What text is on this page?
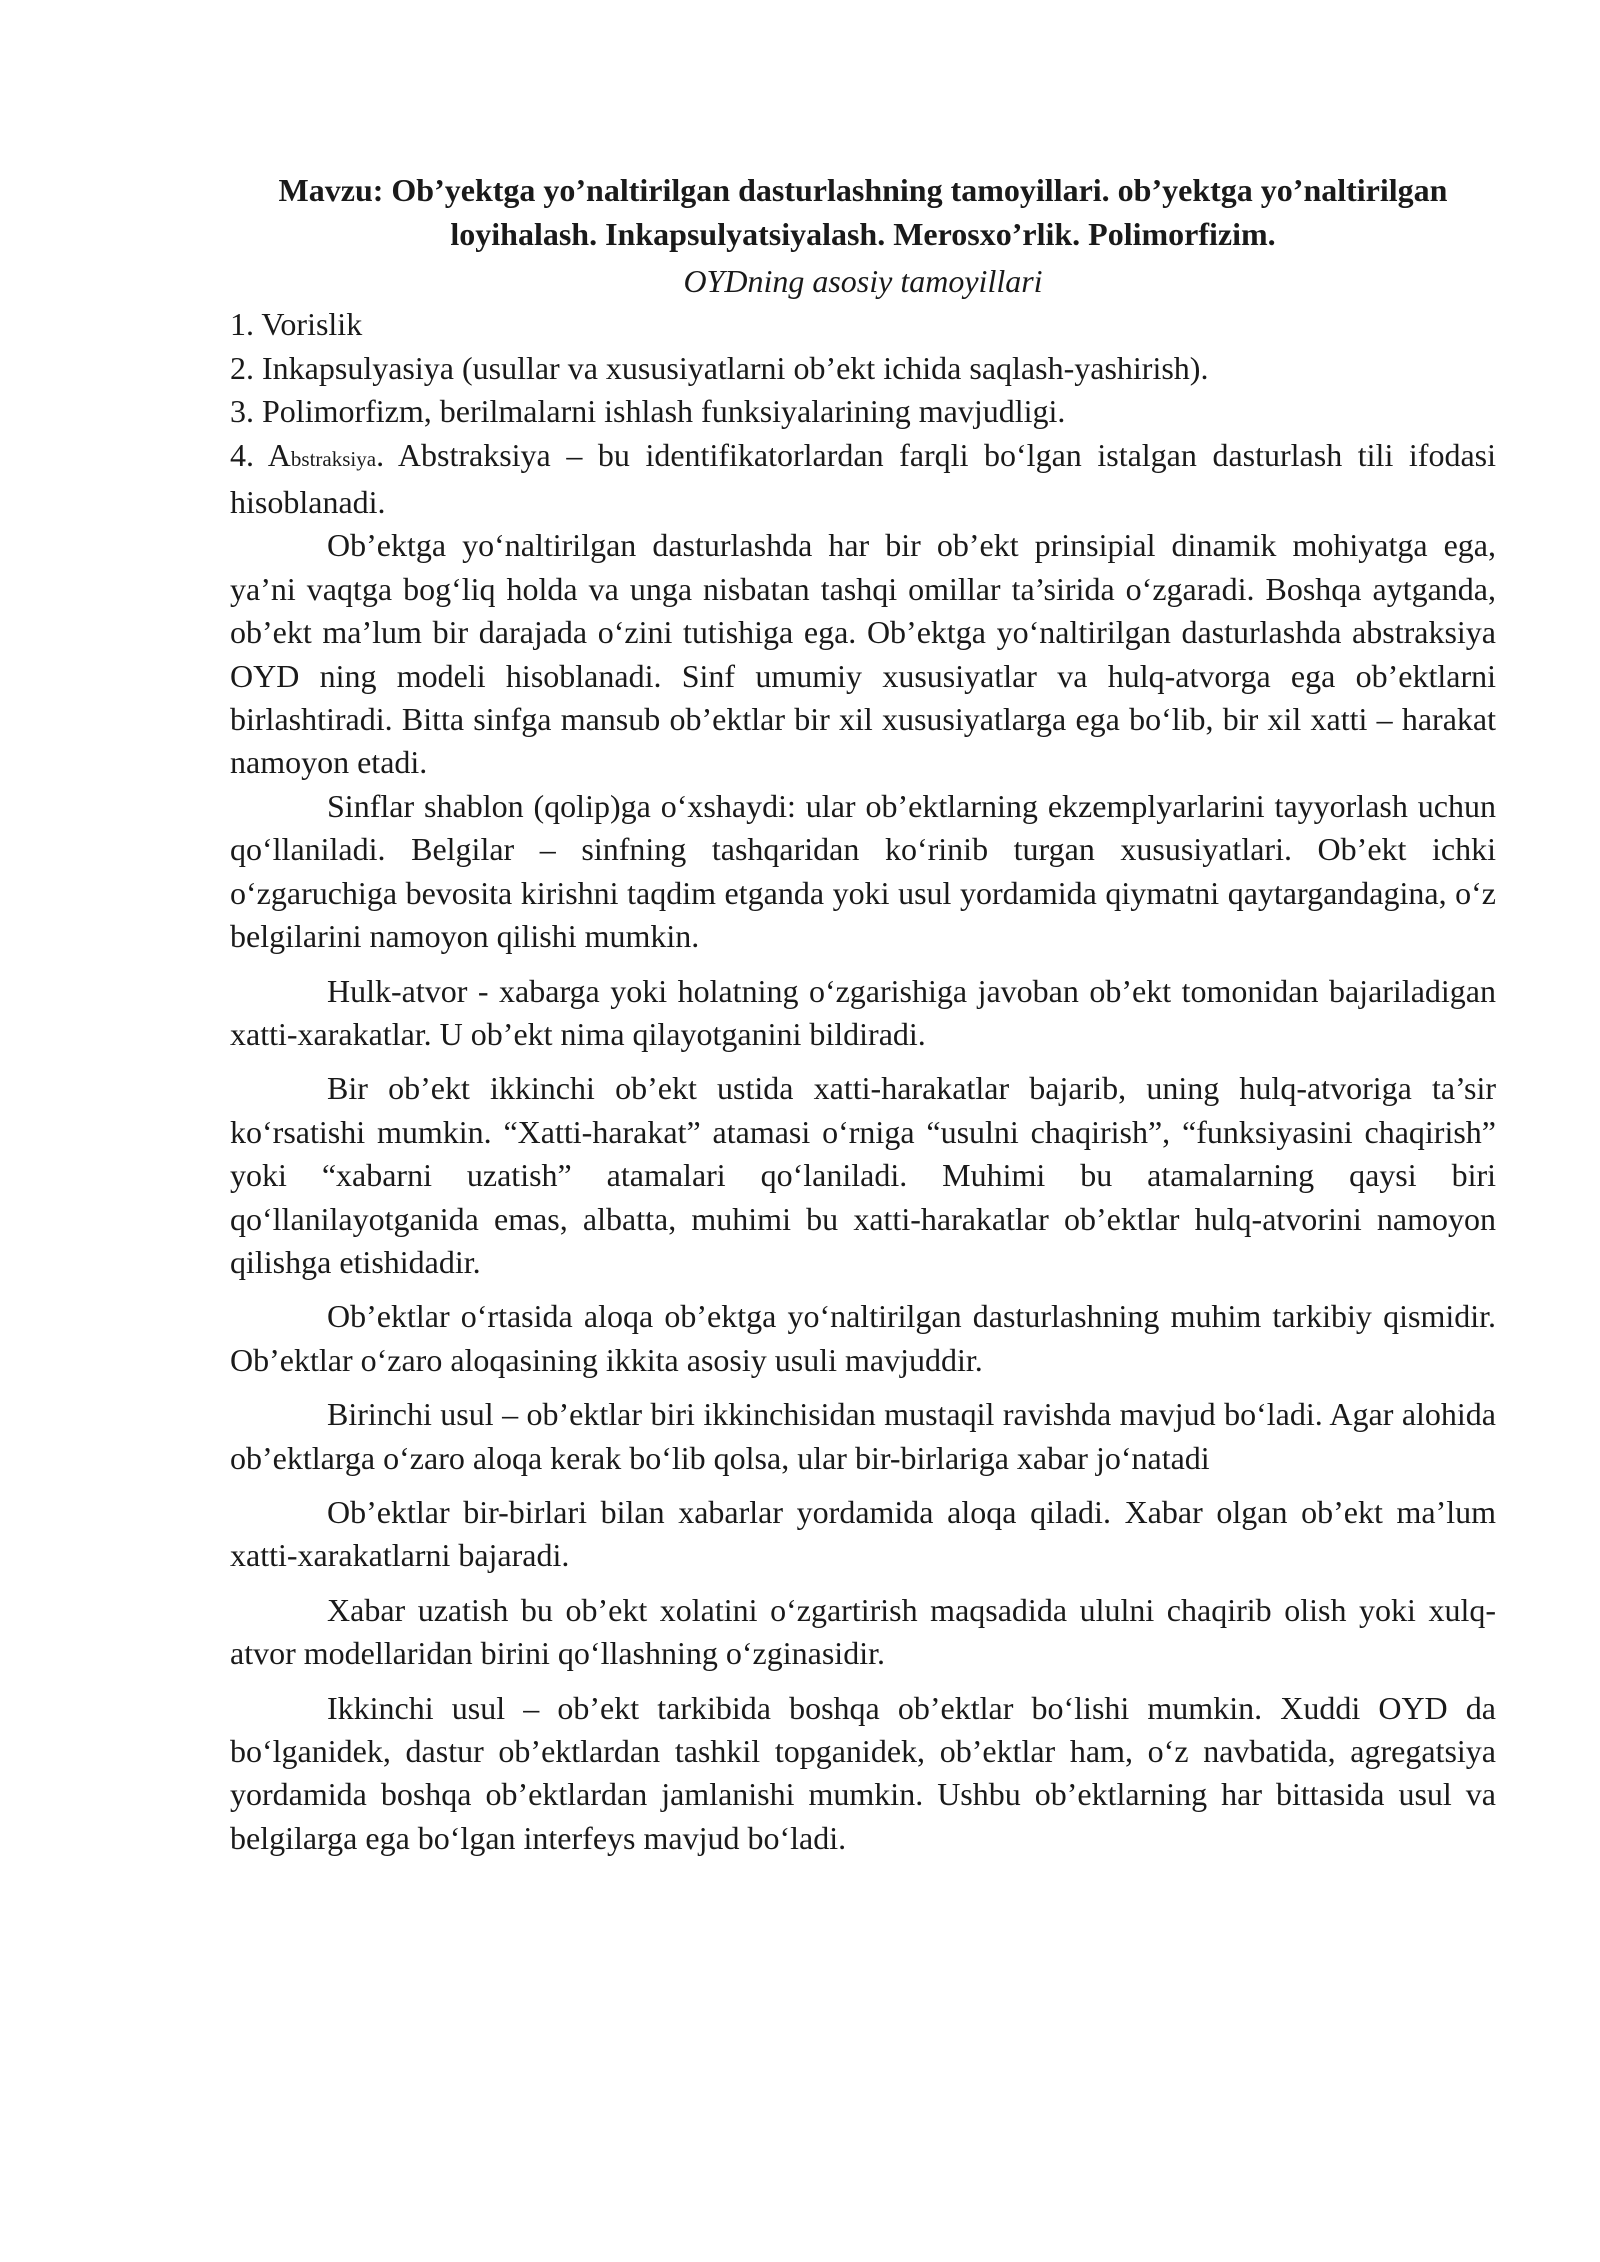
Mavzu: Ob’yektga yo’naltirilgan dasturlashning tamoyillari. ob’yektga yo’naltirilgan loyihalash. Inkapsulyatsiyalash. Merosxo’rlik. Polimorfizim.
OYDning asosiy tamoyillari
1. Vorislik
2. Inkapsulyasiya (usullar va xususiyatlarni ob’ekt ichida saqlash-yashirish).
3. Polimorfizm, berilmalarni ishlash funksiyalarining mavjudligi.
4. Abstraksiya. Abstraksiya – bu identifikatorlardan farqli bo‘lgan istalgan dasturlash tili ifodasi hisoblanadi.

Ob’ektga yo‘naltirilgan dasturlashda har bir ob’ekt prinsipial dinamik mohiyatga ega, ya’ni vaqtga bog‘liq holda va unga nisbatan tashqi omillar ta’sirida o‘zgaradi. Boshqa aytganda, ob’ekt ma’lum bir darajada o‘zini tutishiga ega. Ob’ektga yo‘naltirilgan dasturlashda abstraksiya OYD ning modeli hisoblanadi. Sinf umumiy xususiyatlar va hulq-atvorga ega ob’ektlarni birlashtiradi. Bitta sinfga mansub ob’ektlar bir xil xususiyatlarga ega bo‘lib, bir xil xatti – harakat namoyon etadi.

Sinflar shablon (qolip)ga o‘xshaydi: ular ob’ektlarning ekzemplyarlarini tayyorlash uchun qo‘llaniladi. Belgilar – sinfning tashqaridan ko‘rinib turgan xususiyatlari. Ob’ekt ichki o‘zgaruchiga bevosita kirishni taqdim etganda yoki usul yordamida qiymatni qaytargandagina, o‘z belgilarini namoyon qilishi mumkin.

Hulk-atvor - xabarga yoki holatning o‘zgarishiga javoban ob’ekt tomonidan bajariladigan xatti-xarakatlar. U ob’ekt nima qilayotganini bildiradi.

Bir ob’ekt ikkinchi ob’ekt ustida xatti-harakatlar bajarib, uning hulq-atvoriga ta’sir ko‘rsatishi mumkin. “Xatti-harakat” atamasi o‘rniga “usulni chaqirish”, “funksiyasini chaqirish” yoki “xabarni uzatish” atamalari qo‘laniladi. Muhimi bu atamalarning qaysi biri qo‘llanilayotganida emas, albatta, muhimi bu xatti-harakatlar ob’ektlar hulq-atvorini namoyon qilishga etishidadir.

Ob’ektlar o‘rtasida aloqa ob’ektga yo‘naltirilgan dasturlashning muhim tarkibiy qismidir. Ob’ektlar o‘zaro aloqasining ikkita asosiy usuli mavjuddir.

Birinchi usul – ob’ektlar biri ikkinchisidan mustaqil ravishda mavjud bo‘ladi. Agar alohida ob’ektlarga o‘zaro aloqa kerak bo‘lib qolsa, ular bir-birlariga xabar jo‘natadi

Ob’ektlar bir-birlari bilan xabarlar yordamida aloqa qiladi. Xabar olgan ob’ekt ma’lum xatti-xarakatlarni bajaradi.

Xabar uzatish bu ob’ekt xolatini o‘zgartirish maqsadida ululni chaqirib olish yoki xulq-atvor modellaridan birini qo‘llashning o‘zginasidir.

Ikkinchi usul – ob’ekt tarkibida boshqa ob’ektlar bo‘lishi mumkin. Xuddi OYD da bo‘lganidek, dastur ob’ektlardan tashkil topganidek, ob’ektlar ham, o‘z navbatida, agregatsiya yordamida boshqa ob’ektlardan jamlanishi mumkin. Ushbu ob’ektlarning har bittasida usul va belgilarga ega bo‘lgan interfeys mavjud bo‘ladi.
